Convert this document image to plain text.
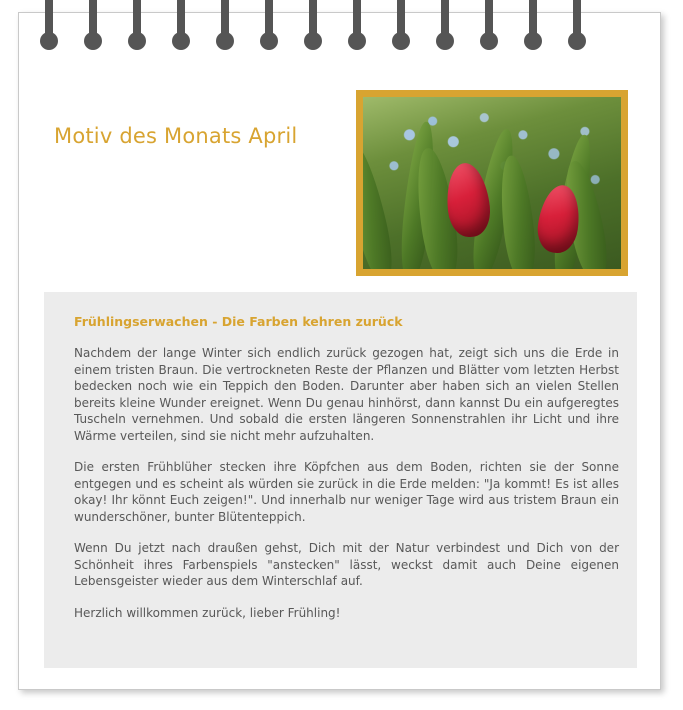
Motiv des Monats April
Frühlingserwachen - Die Farben kehren zurück

Nachdem der lange Winter sich endlich zurück gezogen hat, zeigt sich uns die Erde in einem tristen Braun. Die vertrockneten Reste der Pflanzen und Blätter vom letzten Herbst bedecken noch wie ein Teppich den Boden. Darunter aber haben sich an vielen Stellen bereits kleine Wunder ereignet. Wenn Du genau hinhörst, dann kannst Du ein aufgeregtes Tuscheln vernehmen. Und sobald die ersten längeren Sonnenstrahlen ihr Licht und ihre Wärme verteilen, sind sie nicht mehr aufzuhalten.

Die ersten Frühblüher stecken ihre Köpfchen aus dem Boden, richten sie der Sonne entgegen und es scheint als würden sie zurück in die Erde melden: "Ja kommt! Es ist alles okay! Ihr könnt Euch zeigen!". Und innerhalb nur weniger Tage wird aus tristem Braun ein wunderschöner, bunter Blütenteppich.

Wenn Du jetzt nach draußen gehst, Dich mit der Natur verbindest und Dich von der Schönheit ihres Farbenspiels "anstecken" lässt, weckst damit auch Deine eigenen Lebensgeister wieder aus dem Winterschlaf auf.

Herzlich willkommen zurück, lieber Frühling!
